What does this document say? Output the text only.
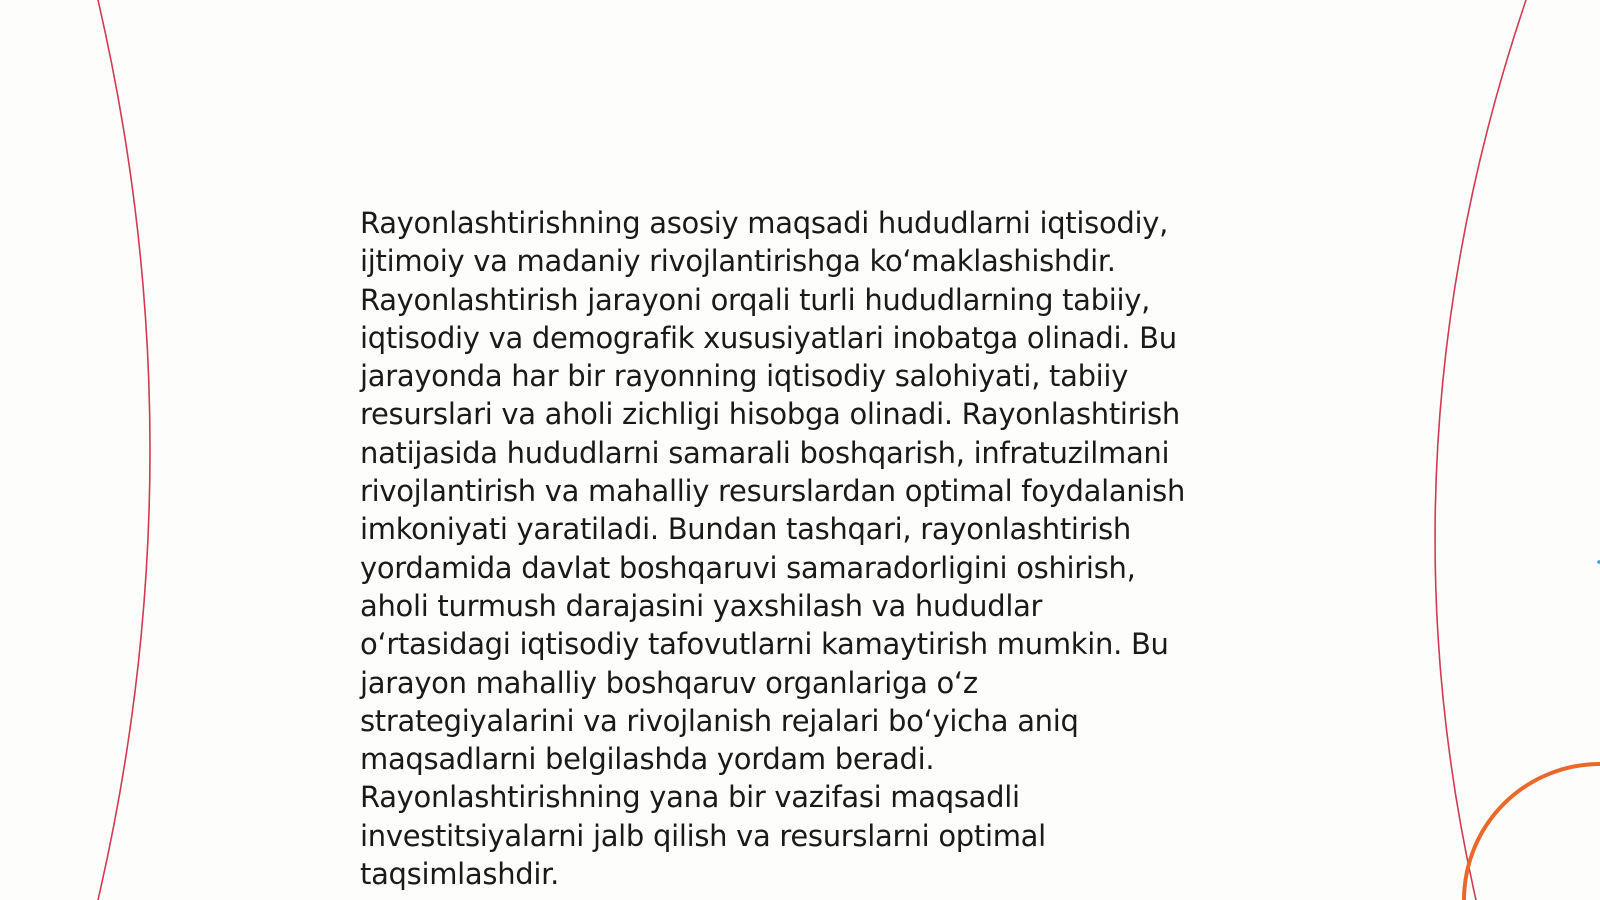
Rayonlashtirishning asosiy maqsadi hududlarni iqtisodiy,
ijtimoiy va madaniy rivojlantirishga ko‘maklashishdir.
Rayonlashtirish jarayoni orqali turli hududlarning tabiiy,
iqtisodiy va demografik xususiyatlari inobatga olinadi. Bu
jarayonda har bir rayonning iqtisodiy salohiyati, tabiiy
resurslari va aholi zichligi hisobga olinadi. Rayonlashtirish
natijasida hududlarni samarali boshqarish, infratuzilmani
rivojlantirish va mahalliy resurslardan optimal foydalanish
imkoniyati yaratiladi. Bundan tashqari, rayonlashtirish
yordamida davlat boshqaruvi samaradorligini oshirish,
aholi turmush darajasini yaxshilash va hududlar
o‘rtasidagi iqtisodiy tafovutlarni kamaytirish mumkin. Bu
jarayon mahalliy boshqaruv organlariga o‘z
strategiyalarini va rivojlanish rejalari bo‘yicha aniq
maqsadlarni belgilashda yordam beradi.
Rayonlashtirishning yana bir vazifasi maqsadli
investitsiyalarni jalb qilish va resurslarni optimal
taqsimlashdir.
